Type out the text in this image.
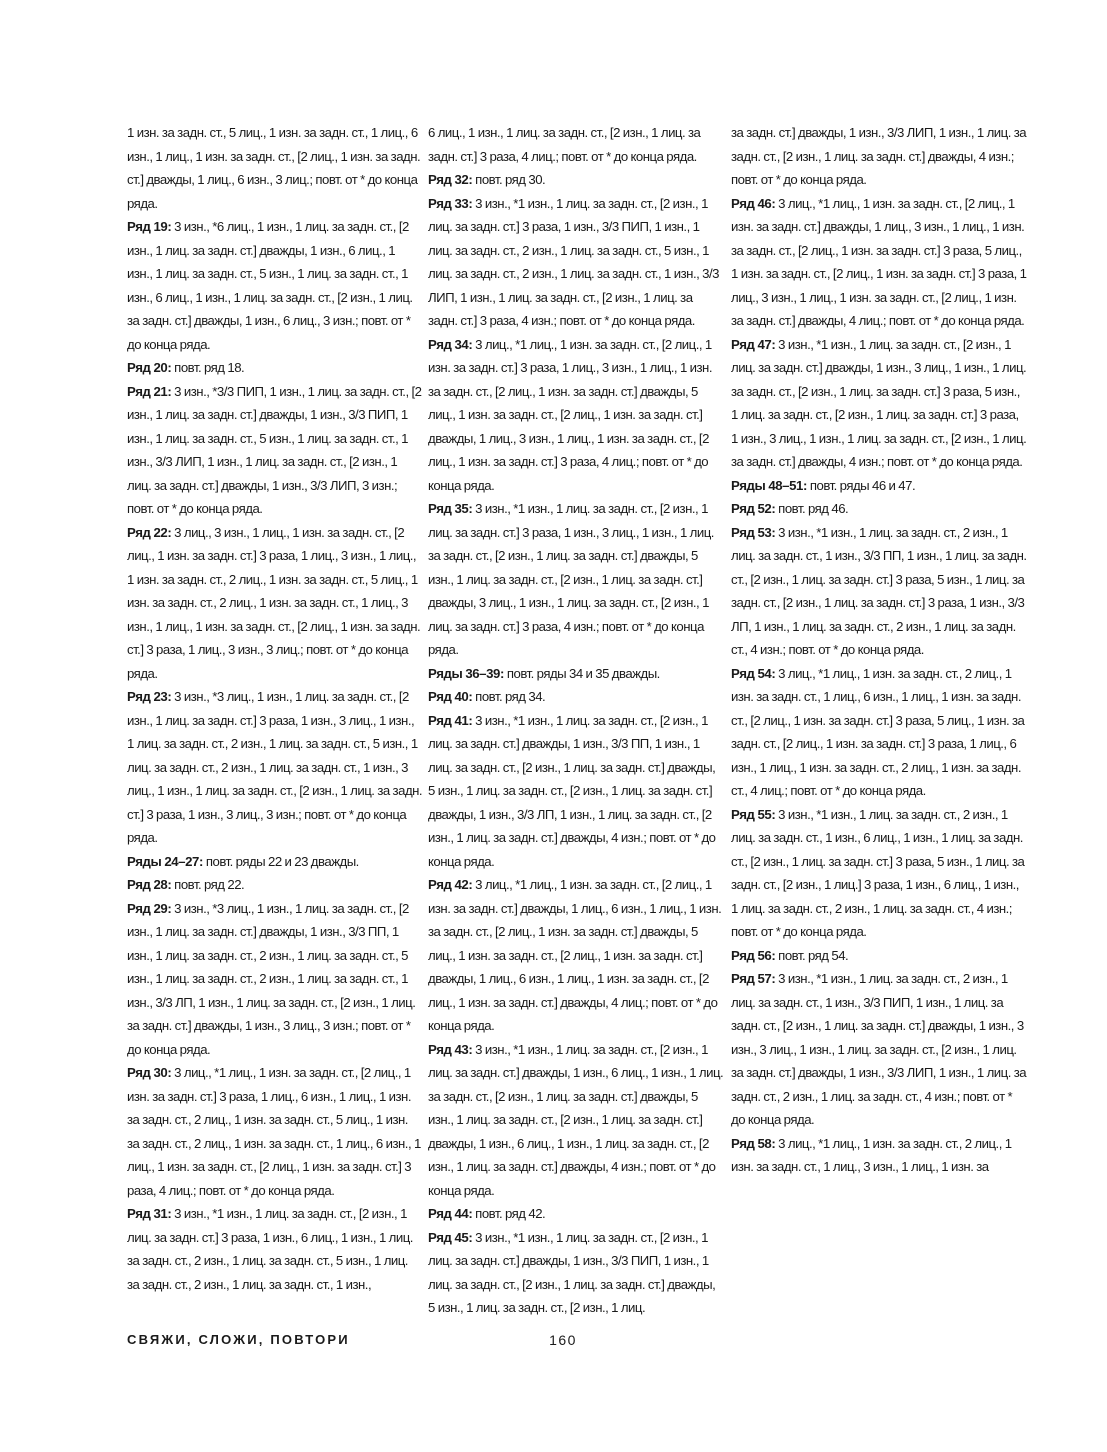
1 изн. за задн. ст., 5 лиц., 1 изн. за задн. ст., 1 лиц., 6 изн., 1 лиц., 1 изн. за задн. ст., [2 лиц., 1 изн. за задн. ст.] дважды, 1 лиц., 6 изн., 3 лиц.; повт. от * до конца ряда.

Ряд 19: 3 изн., *6 лиц., 1 изн., 1 лиц. за задн. ст., [2 изн., 1 лиц. за задн. ст.] дважды, 1 изн., 6 лиц., 1 изн., 1 лиц. за задн. ст., 5 изн., 1 лиц. за задн. ст., 1 изн., 6 лиц., 1 изн., 1 лиц. за задн. ст., [2 изн., 1 лиц. за задн. ст.] дважды, 1 изн., 6 лиц., 3 изн.; повт. от * до конца ряда.

Ряд 20: повт. ряд 18.

Ряд 21: 3 изн., *3/3 ПИП, 1 изн., 1 лиц. за задн. ст., [2 изн., 1 лиц. за задн. ст.] дважды, 1 изн., 3/3 ПИП, 1 изн., 1 лиц. за задн. ст., 5 изн., 1 лиц. за задн. ст., 1 изн., 3/3 ЛИП, 1 изн., 1 лиц. за задн. ст., [2 изн., 1 лиц. за задн. ст.] дважды, 1 изн., 3/3 ЛИП, 3 изн.; повт. от * до конца ряда.

Ряд 22: 3 лиц., 3 изн., 1 лиц., 1 изн. за задн. ст., [2 лиц., 1 изн. за задн. ст.] 3 раза, 1 лиц., 3 изн., 1 лиц., 1 изн. за задн. ст., 2 лиц., 1 изн. за задн. ст., 5 лиц., 1 изн. за задн. ст., 2 лиц., 1 изн. за задн. ст., 1 лиц., 3 изн., 1 лиц., 1 изн. за задн. ст., [2 лиц., 1 изн. за задн. ст.] 3 раза, 1 лиц., 3 изн., 3 лиц.; повт. от * до конца ряда.

Ряд 23: 3 изн., *3 лиц., 1 изн., 1 лиц. за задн. ст., [2 изн., 1 лиц. за задн. ст.] 3 раза, 1 изн., 3 лиц., 1 изн., 1 лиц. за задн. ст., 2 изн., 1 лиц. за задн. ст., 5 изн., 1 лиц. за задн. ст., 2 изн., 1 лиц. за задн. ст., 1 изн., 3 лиц., 1 изн., 1 лиц. за задн. ст., [2 изн., 1 лиц. за задн. ст.] 3 раза, 1 изн., 3 лиц., 3 изн.; повт. от * до конца ряда.

Ряды 24–27: повт. ряды 22 и 23 дважды.

Ряд 28: повт. ряд 22.

Ряд 29: 3 изн., *3 лиц., 1 изн., 1 лиц. за задн. ст., [2 изн., 1 лиц. за задн. ст.] дважды, 1 изн., 3/3 ПП, 1 изн., 1 лиц. за задн. ст., 2 изн., 1 лиц. за задн. ст., 5 изн., 1 лиц. за задн. ст., 2 изн., 1 лиц. за задн. ст., 1 изн., 3/3 ЛП, 1 изн., 1 лиц. за задн. ст., [2 изн., 1 лиц. за задн. ст.] дважды, 1 изн., 3 лиц., 3 изн.; повт. от * до конца ряда.

Ряд 30: 3 лиц., *1 лиц., 1 изн. за задн. ст., [2 лиц., 1 изн. за задн. ст.] 3 раза, 1 лиц., 6 изн., 1 лиц., 1 изн. за задн. ст., 2 лиц., 1 изн. за задн. ст., 5 лиц., 1 изн. за задн. ст., 2 лиц., 1 изн. за задн. ст., 1 лиц., 6 изн., 1 лиц., 1 изн. за задн. ст., [2 лиц., 1 изн. за задн. ст.] 3 раза, 4 лиц.; повт. от * до конца ряда.

Ряд 31: 3 изн., *1 изн., 1 лиц. за задн. ст., [2 изн., 1 лиц. за задн. ст.] 3 раза, 1 изн., 6 лиц., 1 изн., 1 лиц. за задн. ст., 2 изн., 1 лиц. за задн. ст., 5 изн., 1 лиц. за задн. ст., 2 изн., 1 лиц. за задн. ст., 1 изн.,

6 лиц., 1 изн., 1 лиц. за задн. ст., [2 изн., 1 лиц. за задн. ст.] 3 раза, 4 лиц.; повт. от * до конца ряда.

Ряд 32: повт. ряд 30.

Ряд 33: 3 изн., *1 изн., 1 лиц. за задн. ст., [2 изн., 1 лиц. за задн. ст.] 3 раза, 1 изн., 3/3 ПИП, 1 изн., 1 лиц. за задн. ст., 2 изн., 1 лиц. за задн. ст., 5 изн., 1 лиц. за задн. ст., 2 изн., 1 лиц. за задн. ст., 1 изн., 3/3 ЛИП, 1 изн., 1 лиц. за задн. ст., [2 изн., 1 лиц. за задн. ст.] 3 раза, 4 изн.; повт. от * до конца ряда.

Ряд 34: 3 лиц., *1 лиц., 1 изн. за задн. ст., [2 лиц., 1 изн. за задн. ст.] 3 раза, 1 лиц., 3 изн., 1 лиц., 1 изн. за задн. ст., [2 лиц., 1 изн. за задн. ст.] дважды, 5 лиц., 1 изн. за задн. ст., [2 лиц., 1 изн. за задн. ст.] дважды, 1 лиц., 3 изн., 1 лиц., 1 изн. за задн. ст., [2 лиц., 1 изн. за задн. ст.] 3 раза, 4 лиц.; повт. от * до конца ряда.

Ряд 35: 3 изн., *1 изн., 1 лиц. за задн. ст., [2 изн., 1 лиц. за задн. ст.] 3 раза, 1 изн., 3 лиц., 1 изн., 1 лиц. за задн. ст., [2 изн., 1 лиц. за задн. ст.] дважды, 5 изн., 1 лиц. за задн. ст., [2 изн., 1 лиц. за задн. ст.] дважды, 3 лиц., 1 изн., 1 лиц. за задн. ст., [2 изн., 1 лиц. за задн. ст.] 3 раза, 4 изн.; повт. от * до конца ряда.

Ряды 36–39: повт. ряды 34 и 35 дважды.

Ряд 40: повт. ряд 34.

Ряд 41: 3 изн., *1 изн., 1 лиц. за задн. ст., [2 изн., 1 лиц. за задн. ст.] дважды, 1 изн., 3/3 ПП, 1 изн., 1 лиц. за задн. ст., [2 изн., 1 лиц. за задн. ст.] дважды, 5 изн., 1 лиц. за задн. ст., [2 изн., 1 лиц. за задн. ст.] дважды, 1 изн., 3/3 ЛП, 1 изн., 1 лиц. за задн. ст., [2 изн., 1 лиц. за задн. ст.] дважды, 4 изн.; повт. от * до конца ряда.

Ряд 42: 3 лиц., *1 лиц., 1 изн. за задн. ст., [2 лиц., 1 изн. за задн. ст.] дважды, 1 лиц., 6 изн., 1 лиц., 1 изн. за задн. ст., [2 лиц., 1 изн. за задн. ст.] дважды, 5 лиц., 1 изн. за задн. ст., [2 лиц., 1 изн. за задн. ст.] дважды, 1 лиц., 6 изн., 1 лиц., 1 изн. за задн. ст., [2 лиц., 1 изн. за задн. ст.] дважды, 4 лиц.; повт. от * до конца ряда.

Ряд 43: 3 изн., *1 изн., 1 лиц. за задн. ст., [2 изн., 1 лиц. за задн. ст.] дважды, 1 изн., 6 лиц., 1 изн., 1 лиц. за задн. ст., [2 изн., 1 лиц. за задн. ст.] дважды, 5 изн., 1 лиц. за задн. ст., [2 изн., 1 лиц. за задн. ст.] дважды, 1 изн., 6 лиц., 1 изн., 1 лиц. за задн. ст., [2 изн., 1 лиц. за задн. ст.] дважды, 4 изн.; повт. от * до конца ряда.

Ряд 44: повт. ряд 42.

Ряд 45: 3 изн., *1 изн., 1 лиц. за задн. ст., [2 изн., 1 лиц. за задн. ст.] дважды, 1 изн., 3/3 ПИП, 1 изн., 1 лиц. за задн. ст., [2 изн., 1 лиц. за задн. ст.] дважды, 5 изн., 1 лиц. за задн. ст., [2 изн., 1 лиц.

за задн. ст.] дважды, 1 изн., 3/3 ЛИП, 1 изн., 1 лиц. за задн. ст., [2 изн., 1 лиц. за задн. ст.] дважды, 4 изн.; повт. от * до конца ряда.

Ряд 46: 3 лиц., *1 лиц., 1 изн. за задн. ст., [2 лиц., 1 изн. за задн. ст.] дважды, 1 лиц., 3 изн., 1 лиц., 1 изн. за задн. ст., [2 лиц., 1 изн. за задн. ст.] 3 раза, 5 лиц., 1 изн. за задн. ст., [2 лиц., 1 изн. за задн. ст.] 3 раза, 1 лиц., 3 изн., 1 лиц., 1 изн. за задн. ст., [2 лиц., 1 изн. за задн. ст.] дважды, 4 лиц.; повт. от * до конца ряда.

Ряд 47: 3 изн., *1 изн., 1 лиц. за задн. ст., [2 изн., 1 лиц. за задн. ст.] дважды, 1 изн., 3 лиц., 1 изн., 1 лиц. за задн. ст., [2 изн., 1 лиц. за задн. ст.] 3 раза, 5 изн., 1 лиц. за задн. ст., [2 изн., 1 лиц. за задн. ст.] 3 раза, 1 изн., 3 лиц., 1 изн., 1 лиц. за задн. ст., [2 изн., 1 лиц. за задн. ст.] дважды, 4 изн.; повт. от * до конца ряда.

Ряды 48–51: повт. ряды 46 и 47.

Ряд 52: повт. ряд 46.

Ряд 53: 3 изн., *1 изн., 1 лиц. за задн. ст., 2 изн., 1 лиц. за задн. ст., 1 изн., 3/3 ПП, 1 изн., 1 лиц. за задн. ст., [2 изн., 1 лиц. за задн. ст.] 3 раза, 5 изн., 1 лиц. за задн. ст., [2 изн., 1 лиц. за задн. ст.] 3 раза, 1 изн., 3/3 ЛП, 1 изн., 1 лиц. за задн. ст., 2 изн., 1 лиц. за задн. ст., 4 изн.; повт. от * до конца ряда.

Ряд 54: 3 лиц., *1 лиц., 1 изн. за задн. ст., 2 лиц., 1 изн. за задн. ст., 1 лиц., 6 изн., 1 лиц., 1 изн. за задн. ст., [2 лиц., 1 изн. за задн. ст.] 3 раза, 5 лиц., 1 изн. за задн. ст., [2 лиц., 1 изн. за задн. ст.] 3 раза, 1 лиц., 6 изн., 1 лиц., 1 изн. за задн. ст., 2 лиц., 1 изн. за задн. ст., 4 лиц.; повт. от * до конца ряда.

Ряд 55: 3 изн., *1 изн., 1 лиц. за задн. ст., 2 изн., 1 лиц. за задн. ст., 1 изн., 6 лиц., 1 изн., 1 лиц. за задн. ст., [2 изн., 1 лиц. за задн. ст.] 3 раза, 5 изн., 1 лиц. за задн. ст., [2 изн., 1 лиц.] 3 раза, 1 изн., 6 лиц., 1 изн., 1 лиц. за задн. ст., 2 изн., 1 лиц. за задн. ст., 4 изн.; повт. от * до конца ряда.

Ряд 56: повт. ряд 54.

Ряд 57: 3 изн., *1 изн., 1 лиц. за задн. ст., 2 изн., 1 лиц. за задн. ст., 1 изн., 3/3 ПИП, 1 изн., 1 лиц. за задн. ст., [2 изн., 1 лиц. за задн. ст.] дважды, 1 изн., 3 изн., 3 лиц., 1 изн., 1 лиц. за задн. ст., [2 изн., 1 лиц. за задн. ст.] дважды, 1 изн., 3/3 ЛИП, 1 изн., 1 лиц. за задн. ст., 2 изн., 1 лиц. за задн. ст., 4 изн.; повт. от * до конца ряда.

Ряд 58: 3 лиц., *1 лиц., 1 изн. за задн. ст., 2 лиц., 1 изн. за задн. ст., 1 лиц., 3 изн., 1 лиц., 1 изн. за

СВЯЖИ, СЛОЖИ, ПОВТОРИ	160
